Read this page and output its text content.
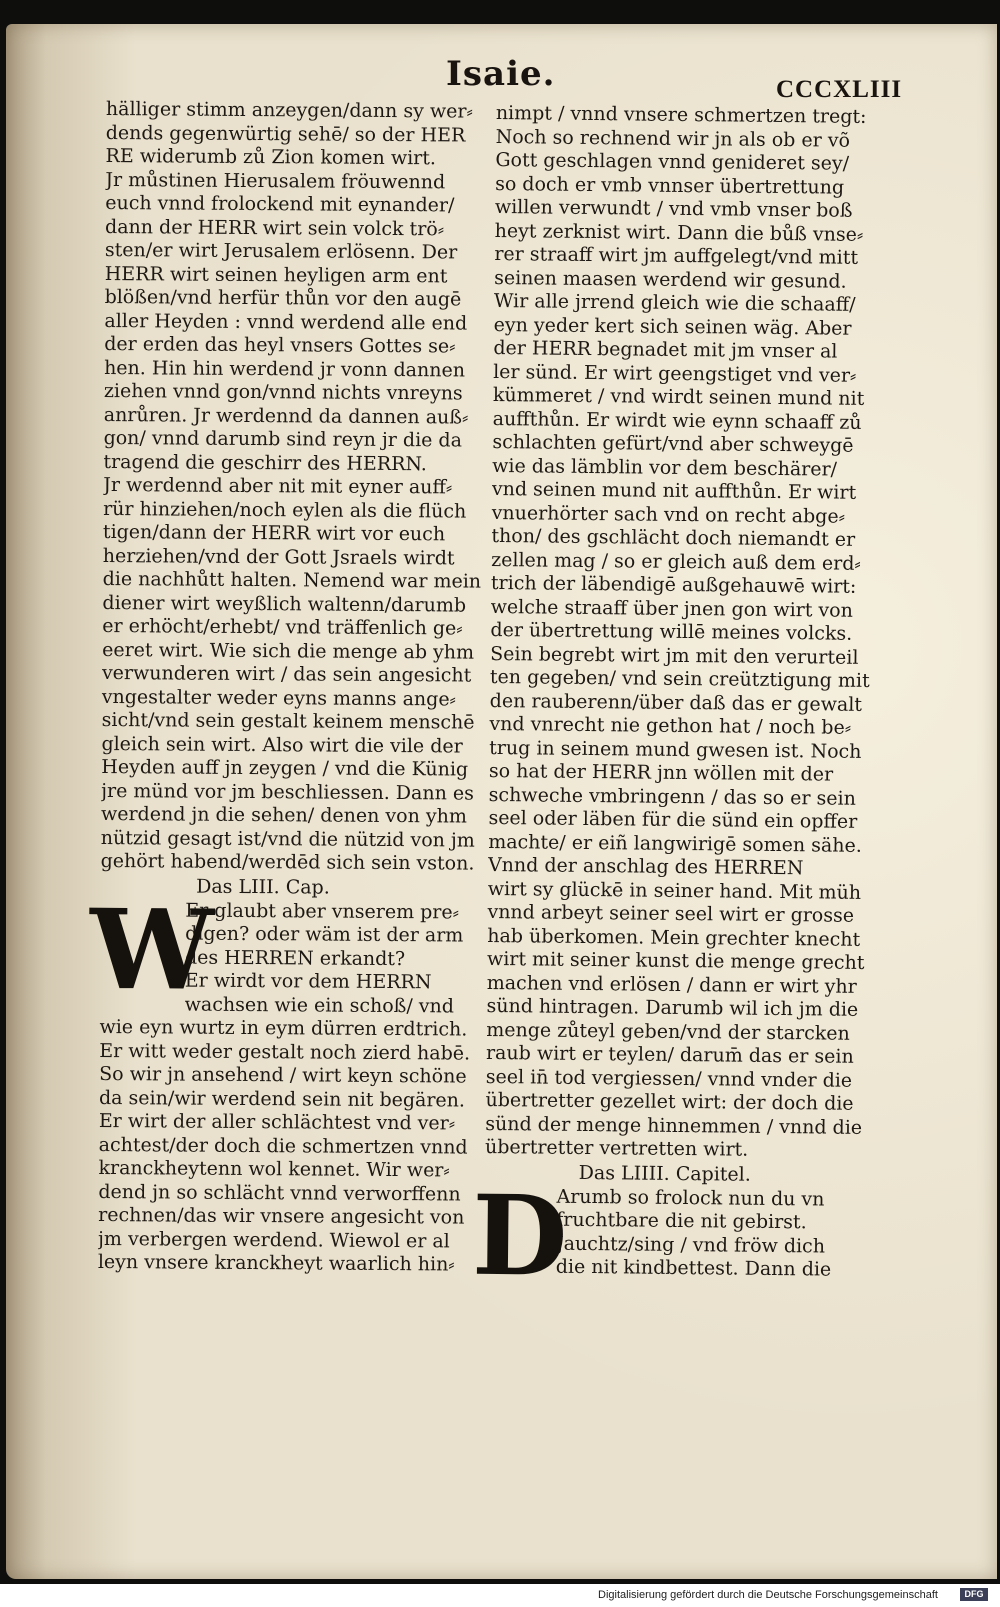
Isaie.	CCCXLIII
hälliger stimm anzeygen/dann sy wer⸗
dends gegenwürtig sehē/ so der HER
RE widerumb zů Zion komen wirt.
Jr můstinen Hierusalem fröuwennd
euch vnnd frolockend mit eynander/
dann der HERR wirt sein volck trö⸗
sten/er wirt Jerusalem erlösenn. Der
HERR wirt seinen heyligen arm ent
blößen/vnd herfür thůn vor den augē
aller Heyden : vnnd werdend alle end
der erden das heyl vnsers Gottes se⸗
hen. Hin hin werdend jr vonn dannen
ziehen vnnd gon/vnnd nichts vnreyns
anrůren. Jr werdennd da dannen auß⸗
gon/ vnnd darumb sind reyn jr die da
tragend die geschirr des HERRN.
Jr werdennd aber nit mit eyner auff⸗
rür hinziehen/noch eylen als die flüch
tigen/dann der HERR wirt vor euch
herziehen/vnd der Gott Jsraels wirdt
die nachhůtt halten. Nemend war mein
diener wirt weyßlich waltenn/darumb
er erhöcht/erhebt/ vnd träffenlich ge⸗
eeret wirt. Wie sich die menge ab yhm
verwunderen wirt / das sein angesicht
vngestalter weder eyns manns ange⸗
sicht/vnd sein gestalt keinem menschē
gleich sein wirt. Also wirt die vile der
Heyden auff jn zeygen / vnd die Künig
jre münd vor jm beschliessen. Dann es
werdend jn die sehen/ denen von yhm
nützid gesagt ist/vnd die nützid von jm
gehört habend/werdēd sich sein vston.
Das LIII. Cap.
W
Er glaubt aber vnserem pre⸗
digen? oder wäm ist der arm
des HERREN erkandt?
Er wirdt vor dem HERRN
wachsen wie ein schoß/ vnd
wie eyn wurtz in eym dürren erdtrich.
Er witt weder gestalt noch zierd habē.
So wir jn ansehend / wirt keyn schöne
da sein/wir werdend sein nit begären.
Er wirt der aller schlächtest vnd ver⸗
achtest/der doch die schmertzen vnnd
kranckheytenn wol kennet. Wir wer⸗
dend jn so schlächt vnnd verworffenn
rechnen/das wir vnsere angesicht von
jm verbergen werdend. Wiewol er al
leyn vnsere kranckheyt waarlich hin⸗
nimpt / vnnd vnsere schmertzen tregt:
Noch so rechnend wir jn als ob er võ
Gott geschlagen vnnd genideret sey/
so doch er vmb vnnser übertrettung
willen verwundt / vnd vmb vnser boß
heyt zerknist wirt. Dann die bůß vnse⸗
rer straaff wirt jm auffgelegt/vnd mitt
seinen maasen werdend wir gesund.
Wir alle jrrend gleich wie die schaaff/
eyn yeder kert sich seinen wäg. Aber
der HERR begnadet mit jm vnser al
ler sünd. Er wirt geengstiget vnd ver⸗
kümmeret / vnd wirdt seinen mund nit
auffthůn. Er wirdt wie eynn schaaff zů
schlachten gefürt/vnd aber schweygē
wie das lämblin vor dem beschärer/
vnd seinen mund nit auffthůn. Er wirt
vnuerhörter sach vnd on recht abge⸗
thon/ des gschlächt doch niemandt er
zellen mag / so er gleich auß dem erd⸗
trich der läbendigē außgehauwē wirt:
welche straaff über jnen gon wirt von
der übertrettung willē meines volcks.
Sein begrebt wirt jm mit den verurteil
ten gegeben/ vnd sein creütztigung mit
den rauberenn/über daß das er gewalt
vnd vnrecht nie gethon hat / noch be⸗
trug in seinem mund gwesen ist. Noch
so hat der HERR jnn wöllen mit der
schweche vmbringenn / das so er sein
seel oder läben für die sünd ein opffer
machte/ er eiñ langwirigē somen sähe.
Vnnd der anschlag des HERREN
wirt sy glückē in seiner hand. Mit müh
vnnd arbeyt seiner seel wirt er grosse
hab überkomen. Mein grechter knecht
wirt mit seiner kunst die menge grecht
machen vnd erlösen / dann er wirt yhr
sünd hintragen. Darumb wil ich jm die
menge zůteyl geben/vnd der starcken
raub wirt er teylen/ darum̄ das er sein
seel in̄ tod vergiessen/ vnnd vnder die
übertretter gezellet wirt: der doch die
sünd der menge hinnemmen / vnnd die
übertretter vertretten wirt.
Das LIIII. Capitel.
D
Arumb so frolock nun du vn
fruchtbare die nit gebirst.
Jauchtz/sing / vnd fröw dich
die nit kindbettest. Dann die
Digitalisierung gefördert durch die Deutsche Forschungsgemeinschaft	DFG
